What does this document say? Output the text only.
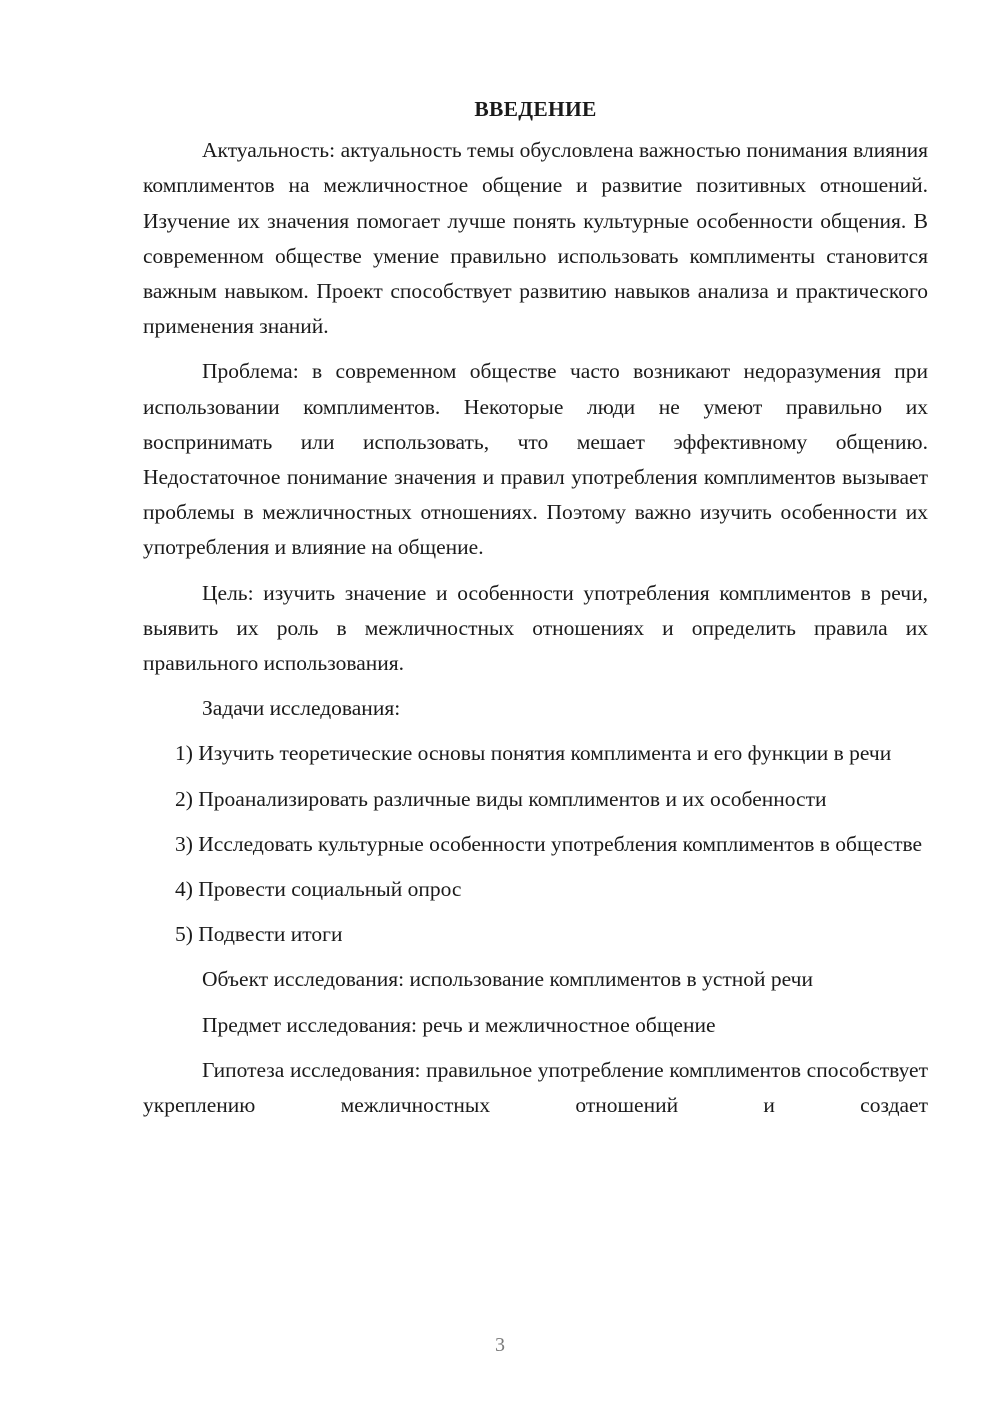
ВВЕДЕНИЕ

Актуальность: актуальность темы обусловлена важностью понимания влияния комплиментов на межличностное общение и развитие позитивных отношений. Изучение их значения помогает лучше понять культурные особенности общения. В современном обществе умение правильно использовать комплименты становится важным навыком. Проект способствует развитию навыков анализа и практического применения знаний.

Проблема: в современном обществе часто возникают недоразумения при использовании комплиментов. Некоторые люди не умеют правильно их воспринимать или использовать, что мешает эффективному общению. Недостаточное понимание значения и правил употребления комплиментов вызывает проблемы в межличностных отношениях. Поэтому важно изучить особенности их употребления и влияние на общение.

Цель: изучить значение и особенности употребления комплиментов в речи, выявить их роль в межличностных отношениях и определить правила их правильного использования.

Задачи исследования:

1) Изучить теоретические основы понятия комплимента и его функции в речи

2) Проанализировать различные виды комплиментов и их особенности

3) Исследовать культурные особенности употребления комплиментов в обществе

4) Провести социальный опрос

5) Подвести итоги

Объект исследования: использование комплиментов в устной речи

Предмет исследования: речь и межличностное общение

Гипотеза исследования: правильное употребление комплиментов способствует укреплению межличностных отношений и создает

3
